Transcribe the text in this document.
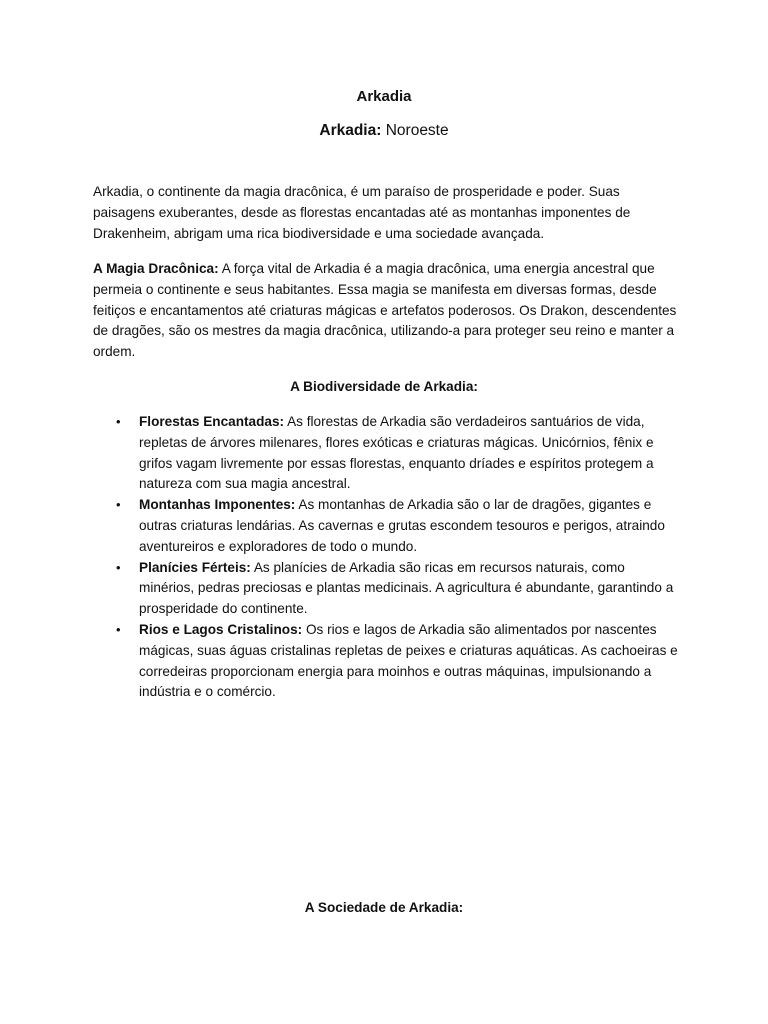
Arkadia
Arkadia: Noroeste

Arkadia, o continente da magia dracônica, é um paraíso de prosperidade e poder. Suas paisagens exuberantes, desde as florestas encantadas até as montanhas imponentes de Drakenheim, abrigam uma rica biodiversidade e uma sociedade avançada.

A Magia Dracônica: A força vital de Arkadia é a magia dracônica, uma energia ancestral que permeia o continente e seus habitantes. Essa magia se manifesta em diversas formas, desde feitiços e encantamentos até criaturas mágicas e artefatos poderosos. Os Drakon, descendentes de dragões, são os mestres da magia dracônica, utilizando-a para proteger seu reino e manter a ordem.

A Biodiversidade de Arkadia:
• Florestas Encantadas: As florestas de Arkadia são verdadeiros santuários de vida, repletas de árvores milenares, flores exóticas e criaturas mágicas. Unicórnios, fênix e grifos vagam livremente por essas florestas, enquanto dríades e espíritos protegem a natureza com sua magia ancestral.
• Montanhas Imponentes: As montanhas de Arkadia são o lar de dragões, gigantes e outras criaturas lendárias. As cavernas e grutas escondem tesouros e perigos, atraindo aventureiros e exploradores de todo o mundo.
• Planícies Férteis: As planícies de Arkadia são ricas em recursos naturais, como minérios, pedras preciosas e plantas medicinais. A agricultura é abundante, garantindo a prosperidade do continente.
• Rios e Lagos Cristalinos: Os rios e lagos de Arkadia são alimentados por nascentes mágicas, suas águas cristalinas repletas de peixes e criaturas aquáticas. As cachoeiras e corredeiras proporcionam energia para moinhos e outras máquinas, impulsionando a indústria e o comércio.
A Sociedade de Arkadia:
